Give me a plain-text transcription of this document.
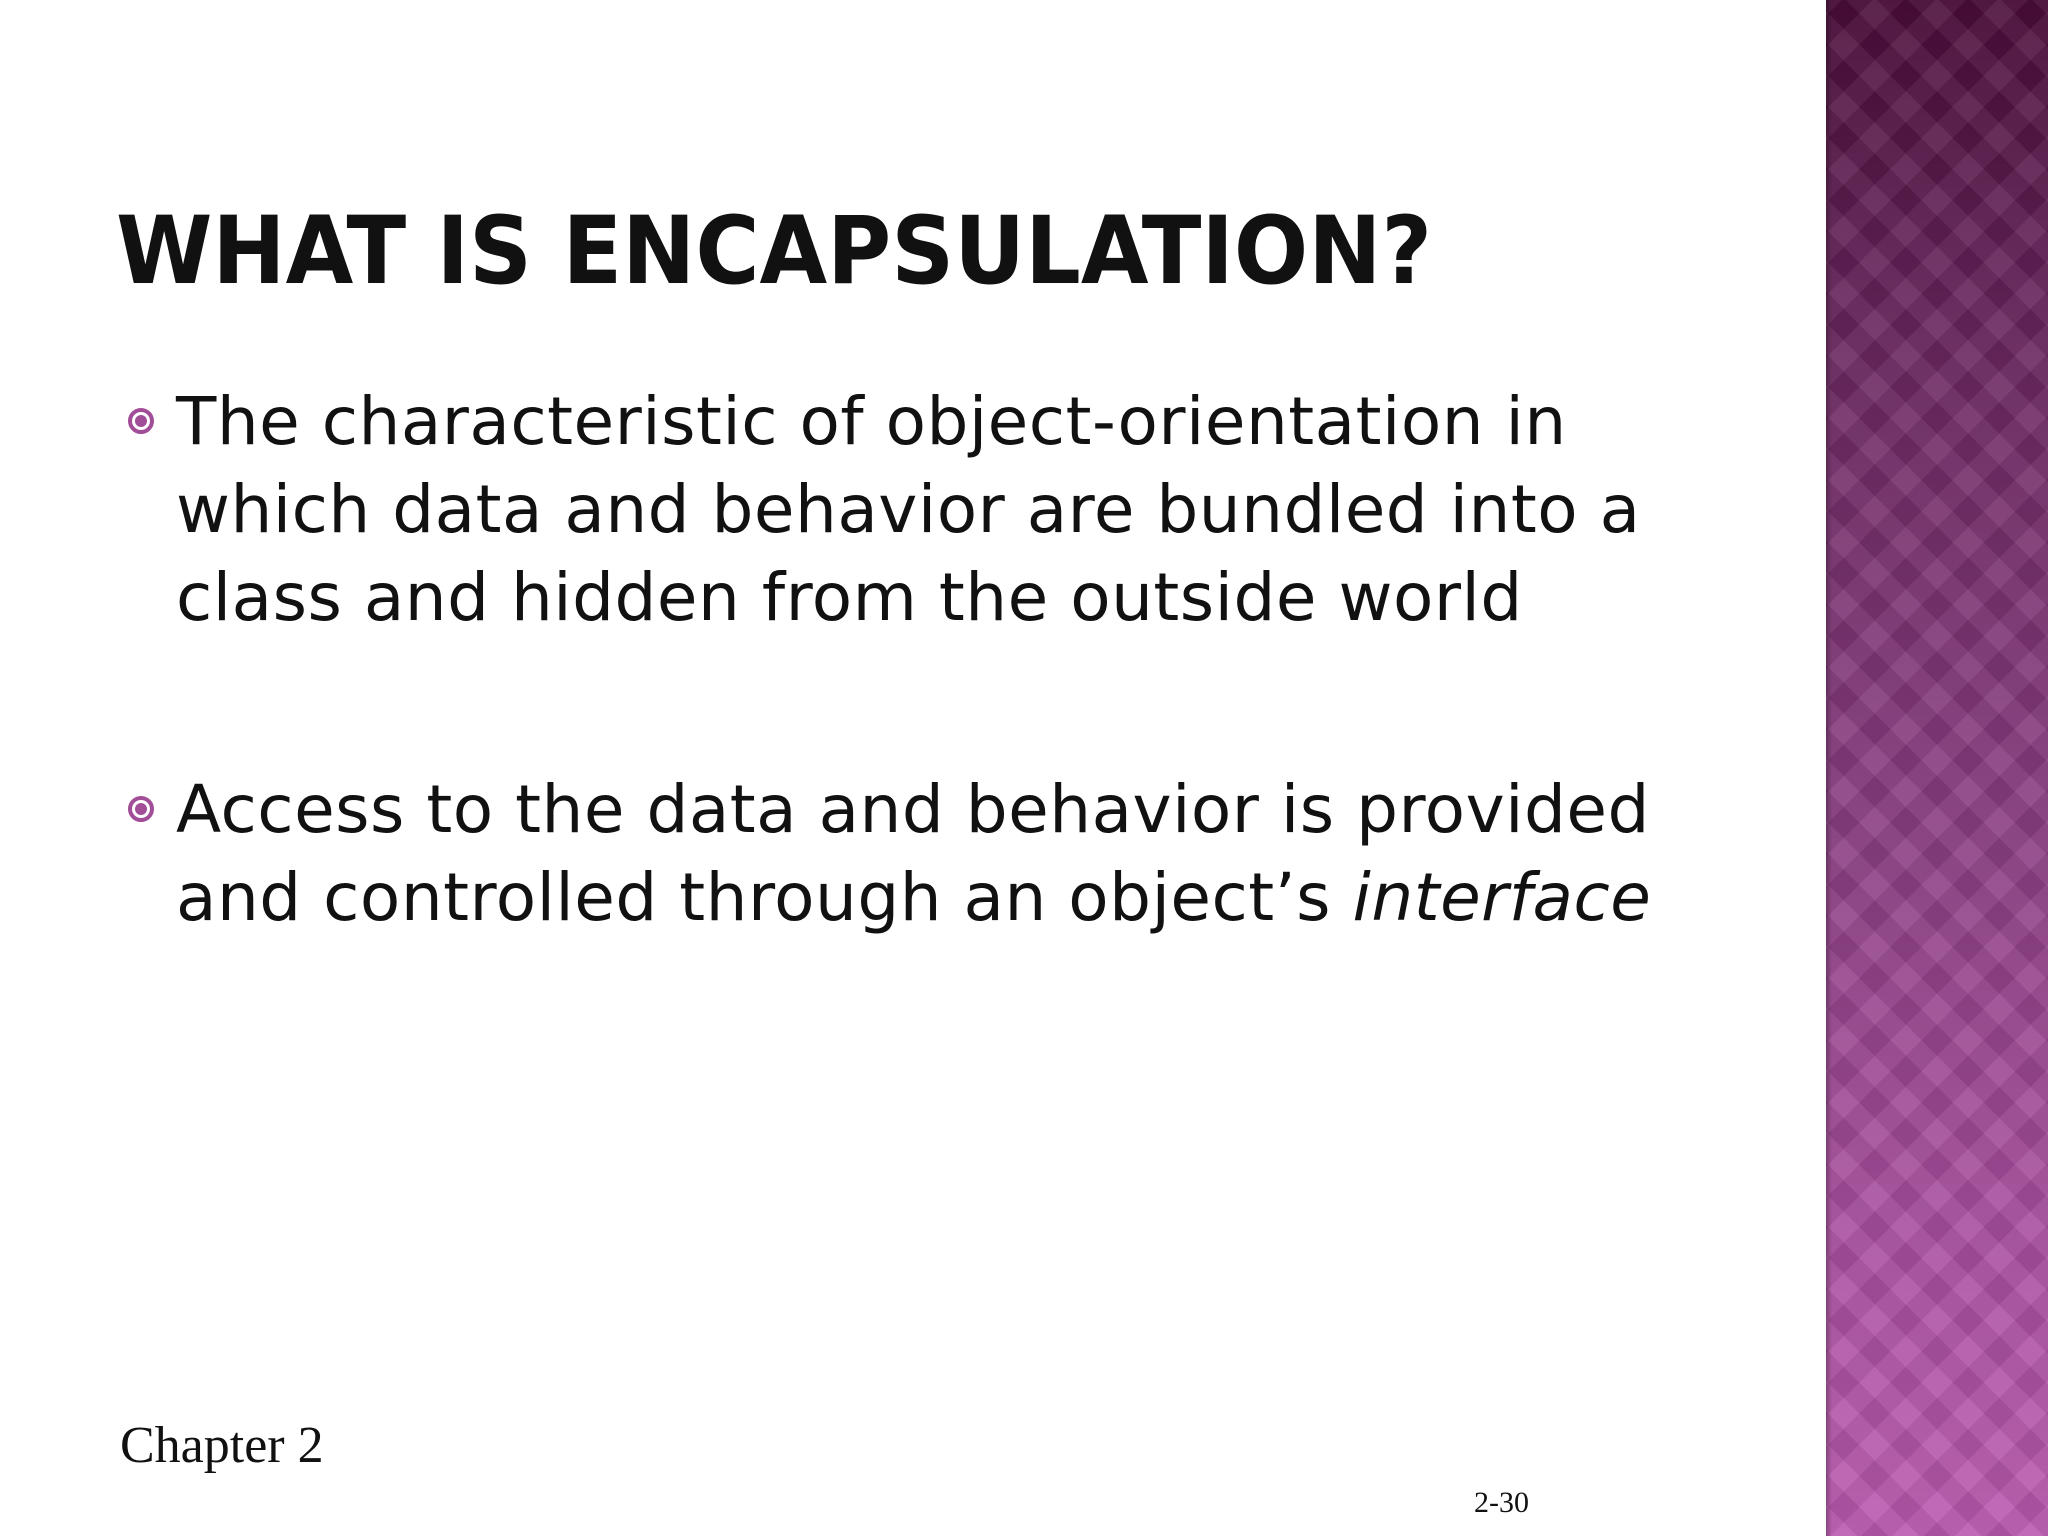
WHAT IS ENCAPSULATION?
The characteristic of object-orientation in which data and behavior are bundled into a class and hidden from the outside world
Access to the data and behavior is provided and controlled through an object’s interface
Chapter 2
2-30
